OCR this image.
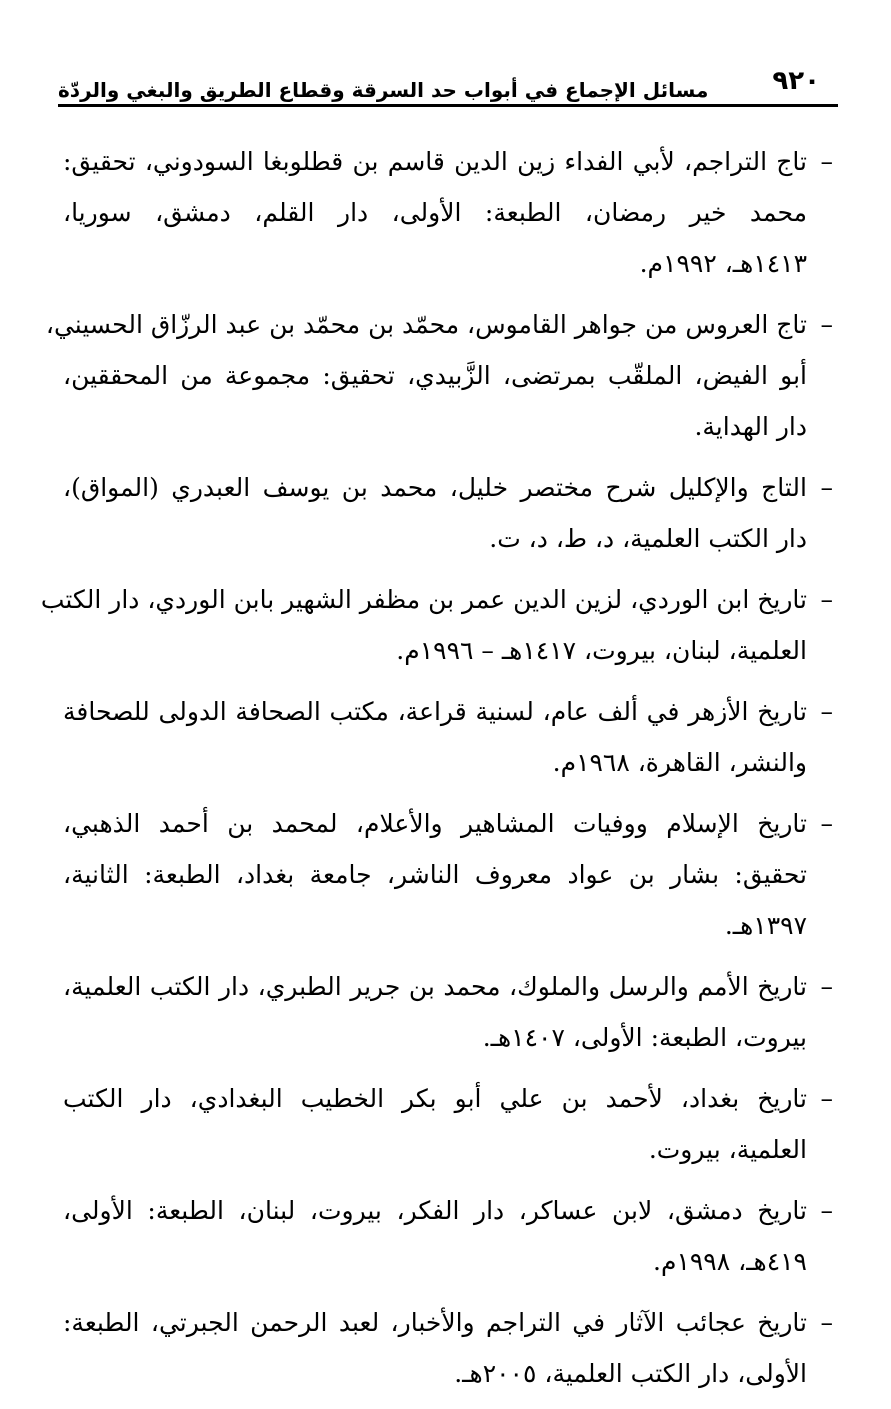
٩٢٠
مسائل الإجماع في أبواب حد السرقة وقطاع الطريق والبغي والردّة
–
تاج التراجم، لأبي الفداء زين الدين قاسم بن قطلوبغا السودوني، تحقيق:
محمد خير رمضان، الطبعة: الأولى، دار القلم، دمشق، سوريا،
١٤١٣هـ، ١٩٩٢م.
–
تاج العروس من جواهر القاموس، محمّد بن محمّد بن عبد الرزّاق الحسيني،
أبو الفيض، الملقّب بمرتضى، الزَّبيدي، تحقيق: مجموعة من المحققين،
دار الهداية.
–
التاج والإكليل شرح مختصر خليل، محمد بن يوسف العبدري (المواق)،
دار الكتب العلمية، د، ط، د، ت.
–
تاريخ ابن الوردي، لزين الدين عمر بن مظفر الشهير بابن الوردي، دار الكتب
العلمية، لبنان، بيروت، ١٤١٧هـ – ١٩٩٦م.
–
تاريخ الأزهر في ألف عام، لسنية قراعة، مكتب الصحافة الدولى للصحافة
والنشر، القاهرة، ١٩٦٨م.
–
تاريخ الإسلام ووفيات المشاهير والأعلام، لمحمد بن أحمد الذهبي،
تحقيق: بشار بن عواد معروف الناشر، جامعة بغداد، الطبعة: الثانية،
١٣٩٧هـ.
–
تاريخ الأمم والرسل والملوك، محمد بن جرير الطبري، دار الكتب العلمية،
بيروت، الطبعة: الأولى، ١٤٠٧هـ.
–
تاريخ بغداد، لأحمد بن علي أبو بكر الخطيب البغدادي، دار الكتب
العلمية، بيروت.
–
تاريخ دمشق، لابن عساكر، دار الفكر، بيروت، لبنان، الطبعة: الأولى،
٤١٩هـ، ١٩٩٨م.
–
تاريخ عجائب الآثار في التراجم والأخبار، لعبد الرحمن الجبرتي، الطبعة:
الأولى، دار الكتب العلمية، ٢٠٠٥هـ.
